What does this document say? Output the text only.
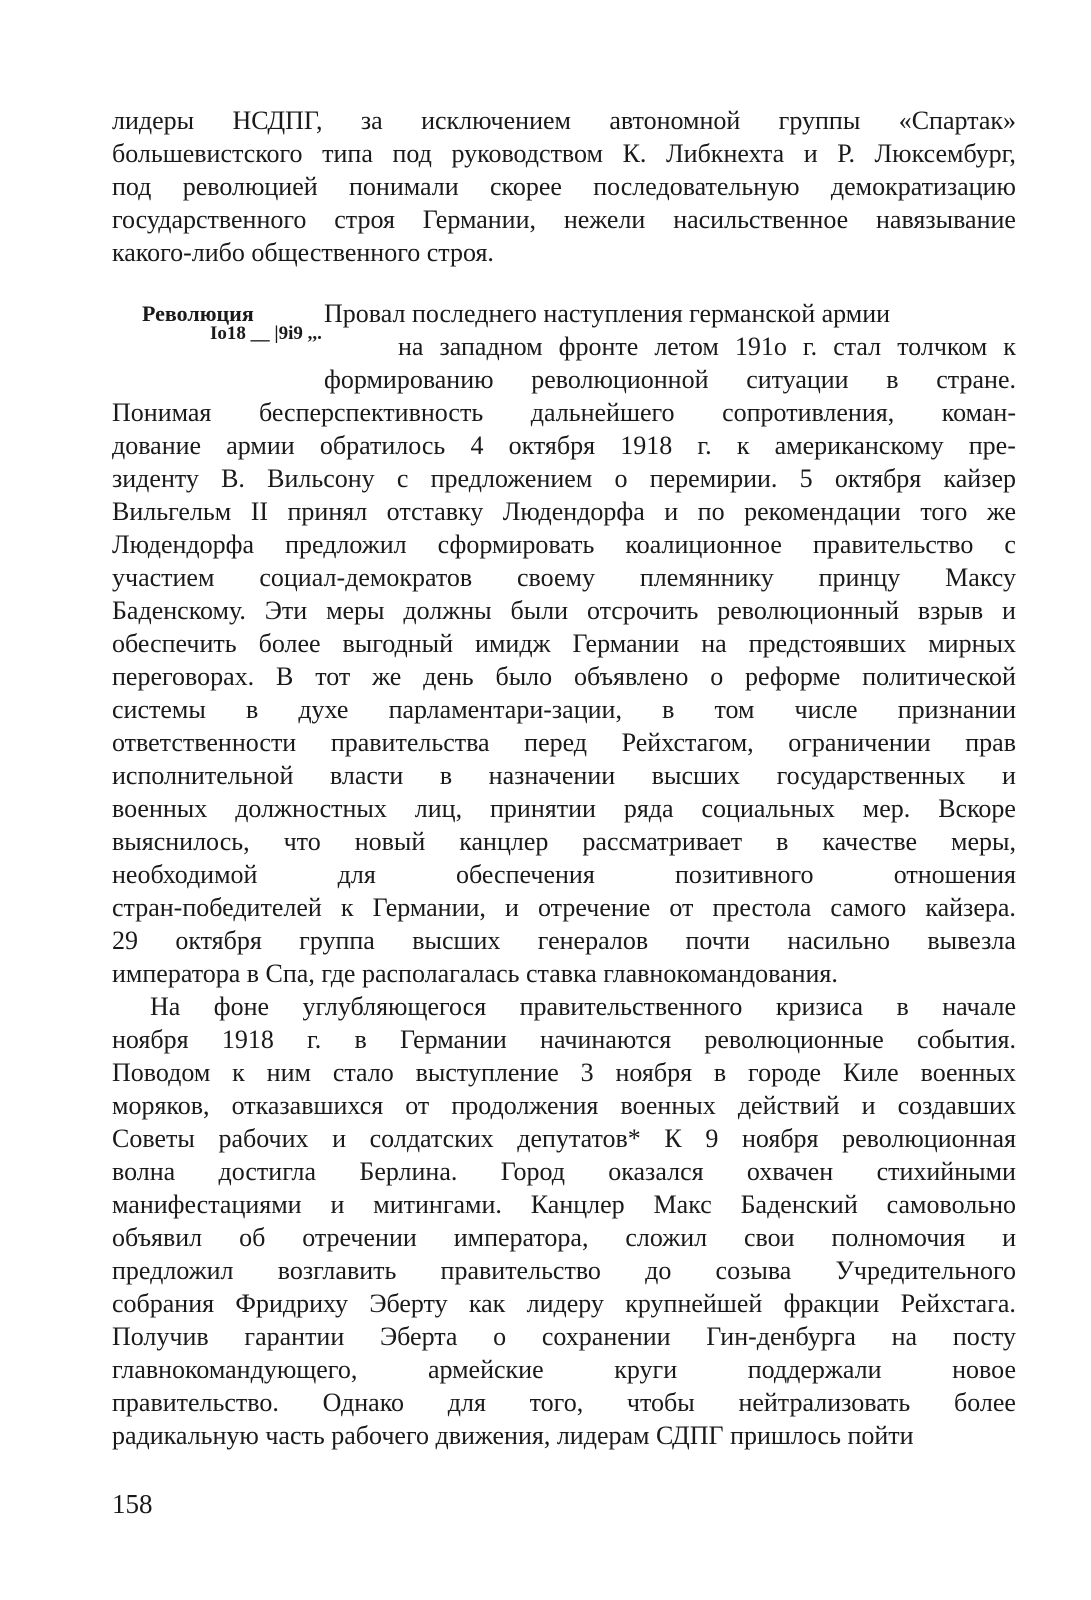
лидеры НСДПГ, за исключением автономной группы «Спартак»
большевистского типа под руководством К. Либкнехта и Р. Люксембург,
под революцией понимали скорее последовательную демократизацию
государственного строя Германии, нежели насильственное навязывание
какого-либо общественного строя.
Революция
Io18 __ |9i9 ,,.
Провал последнего наступления германской армии
на западном фронте летом 191о г. стал толчком к
формированию революционной ситуации в стране.
Понимая бесперспективность дальнейшего сопротивления, коман-
дование армии обратилось 4 октября 1918 г. к американскому пре-
зиденту В. Вильсону с предложением о перемирии. 5 октября кайзер
Вильгельм II принял отставку Людендорфа и по рекомендации того же
Людендорфа предложил сформировать коалиционное правительство с
участием социал-демократов своему племяннику принцу Максу
Баденскому. Эти меры должны были отсрочить революционный взрыв и
обеспечить более выгодный имидж Германии на предстоявших мирных
переговорах. В тот же день было объявлено о реформе политической
системы в духе парламентари-зации, в том числе признании
ответственности правительства перед Рейхстагом, ограничении прав
исполнительной власти в назначении высших государственных и
военных должностных лиц, принятии ряда социальных мер. Вскоре
выяснилось, что новый канцлер рассматривает в качестве меры,
необходимой	для	обеспечения	позитивного	отношения
стран-победителей к Германии, и отречение от престола самого кайзера.
29 октября группа высших генералов почти насильно вывезла
императора в Спа, где располагалась ставка главнокомандования.
На фоне углубляющегося правительственного кризиса в начале
ноября 1918 г. в Германии начинаются революционные события.
Поводом к ним стало выступление 3 ноября в городе Киле военных
моряков, отказавшихся от продолжения военных действий и создавших
Советы рабочих и солдатских депутатов* К 9 ноября революционная
волна достигла Берлина. Город оказался охвачен стихийными
манифестациями и митингами. Канцлер Макс Баденский самовольно
объявил об отречении императора, сложил свои полномочия и
предложил возглавить правительство до созыва Учредительного
собрания Фридриху Эберту как лидеру крупнейшей фракции Рейхстага.
Получив гарантии Эберта о сохранении Гин-денбурга на посту
главнокомандующего,	армейские	круги	поддержали	новое
правительство. Однако для того, чтобы нейтрализовать более
радикальную часть рабочего движения, лидерам СДПГ пришлось пойти
158
